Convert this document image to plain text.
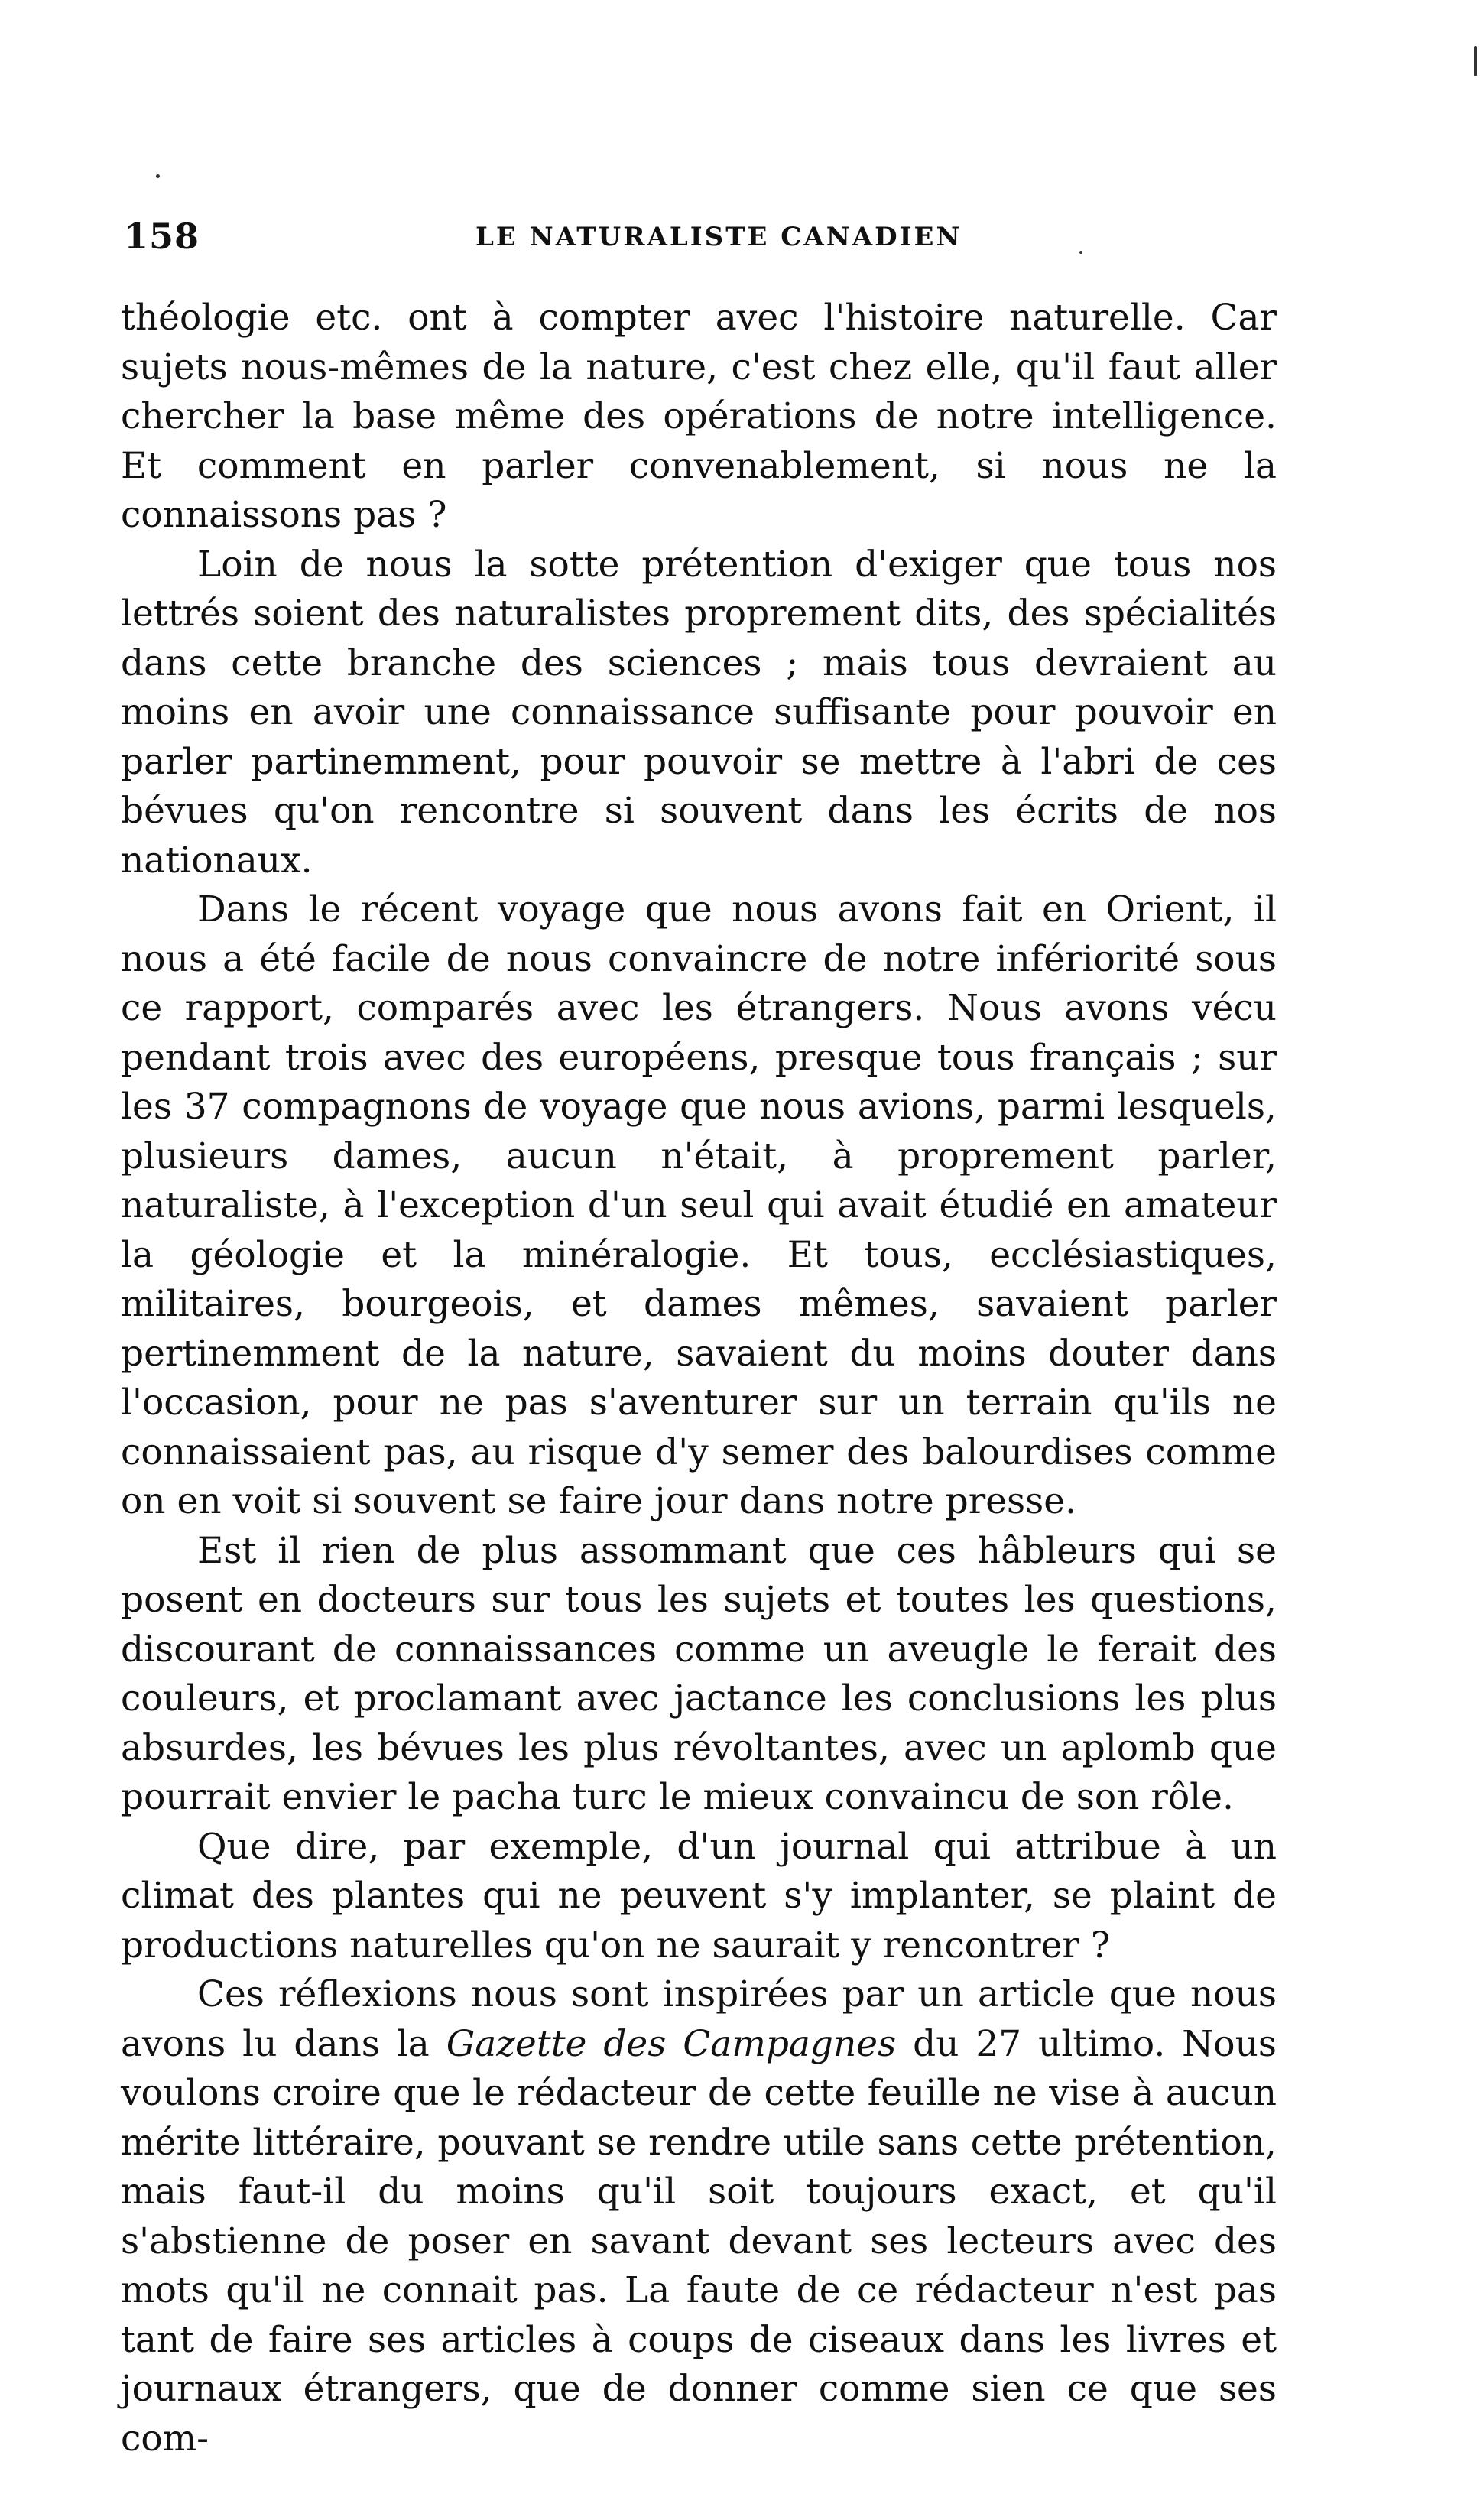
158	LE NATURALISTE CANADIEN

théologie etc. ont à compter avec l'histoire naturelle. Car sujets nous-mêmes de la nature, c'est chez elle, qu'il faut aller chercher la base même des opérations de notre intelligence. Et comment en parler convenablement, si nous ne la connaissons pas ?

Loin de nous la sotte prétention d'exiger que tous nos lettrés soient des naturalistes proprement dits, des spécialités dans cette branche des sciences ; mais tous devraient au moins en avoir une connaissance suffisante pour pouvoir en parler partinemment, pour pouvoir se mettre à l'abri de ces bévues qu'on rencontre si souvent dans les écrits de nos nationaux.

Dans le récent voyage que nous avons fait en Orient, il nous a été facile de nous convaincre de notre infériorité sous ce rapport, comparés avec les étrangers. Nous avons vécu pendant trois avec des européens, presque tous français ; sur les 37 compagnons de voyage que nous avions, parmi lesquels, plusieurs dames, aucun n'était, à proprement parler, naturaliste, à l'exception d'un seul qui avait étudié en amateur la géologie et la minéralogie. Et tous, ecclésiastiques, militaires, bourgeois, et dames mêmes, savaient parler pertinemment de la nature, savaient du moins douter dans l'occasion, pour ne pas s'aventurer sur un terrain qu'ils ne connaissaient pas, au risque d'y semer des balourdises comme on en voit si souvent se faire jour dans notre presse.

Est il rien de plus assommant que ces hâbleurs qui se posent en docteurs sur tous les sujets et toutes les questions, discourant de connaissances comme un aveugle le ferait des couleurs, et proclamant avec jactance les conclusions les plus absurdes, les bévues les plus révoltantes, avec un aplomb que pourrait envier le pacha turc le mieux convaincu de son rôle.

Que dire, par exemple, d'un journal qui attribue à un climat des plantes qui ne peuvent s'y implanter, se plaint de productions naturelles qu'on ne saurait y rencontrer ?

Ces réflexions nous sont inspirées par un article que nous avons lu dans la Gazette des Campagnes du 27 ultimo. Nous voulons croire que le rédacteur de cette feuille ne vise à aucun mérite littéraire, pouvant se rendre utile sans cette prétention, mais faut-il du moins qu'il soit toujours exact, et qu'il s'abstienne de poser en savant devant ses lecteurs avec des mots qu'il ne connait pas. La faute de ce rédacteur n'est pas tant de faire ses articles à coups de ciseaux dans les livres et journaux étrangers, que de donner comme sien ce que ses com-
